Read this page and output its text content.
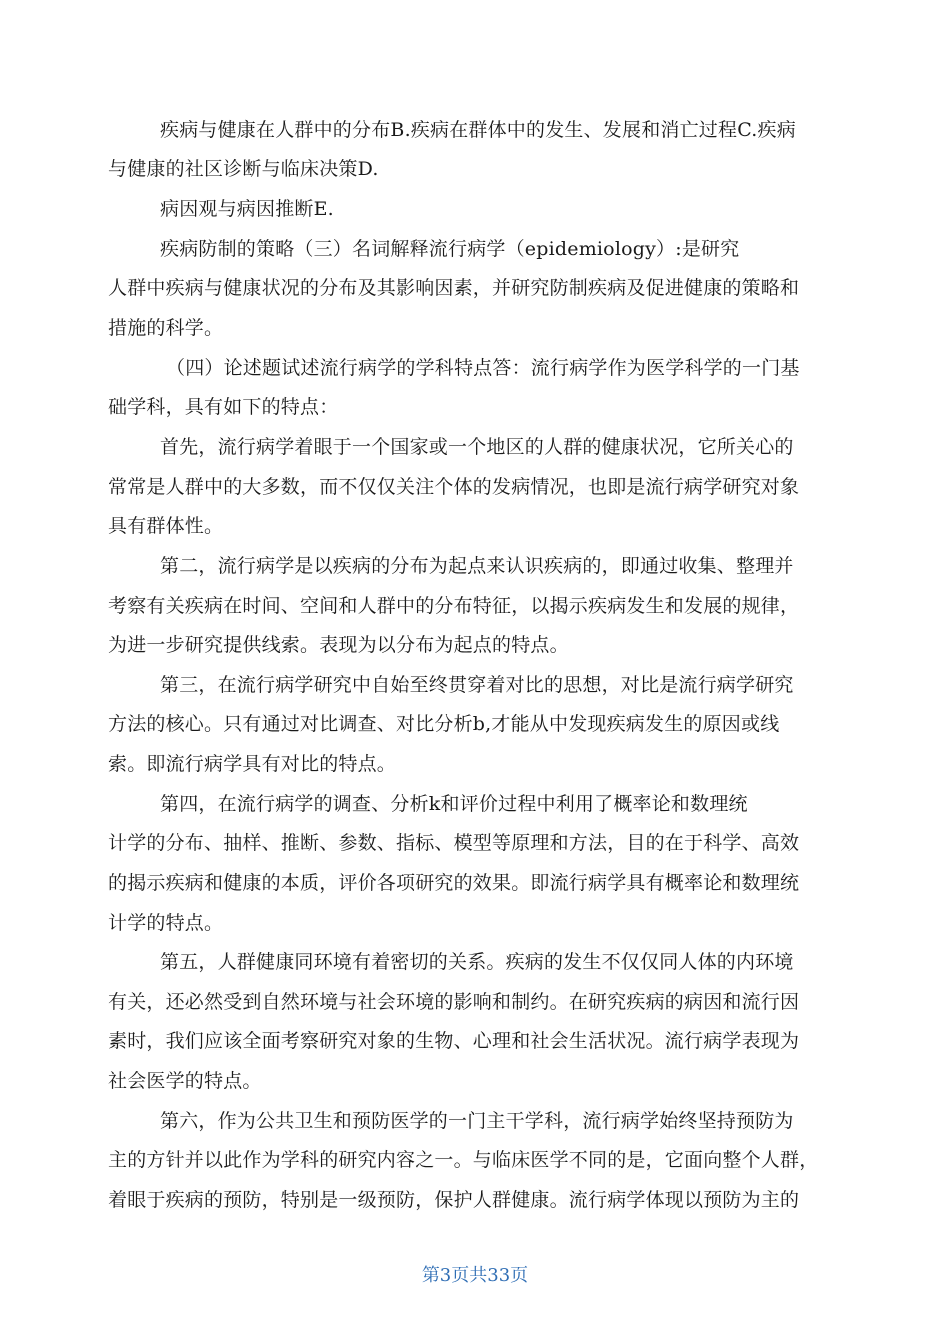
疾病与健康在人群中的分布B.疾病在群体中的发生、发展和消亡过程C.疾病
与健康的社区诊断与临床决策D.
病因观与病因推断E.
疾病防制的策略（三）名词解释流行病学（epidemiology）:是研究
人群中疾病与健康状况的分布及其影响因素，并研究防制疾病及促进健康的策略和
措施的科学。
（四）论述题试述流行病学的学科特点答：流行病学作为医学科学的一门基
础学科，具有如下的特点：
首先，流行病学着眼于一个国家或一个地区的人群的健康状况，它所关心的
常常是人群中的大多数，而不仅仅关注个体的发病情况，也即是流行病学研究对象
具有群体性。
第二，流行病学是以疾病的分布为起点来认识疾病的，即通过收集、整理并
考察有关疾病在时间、空间和人群中的分布特征，以揭示疾病发生和发展的规律，
为进一步研究提供线索。表现为以分布为起点的特点。
第三，在流行病学研究中自始至终贯穿着对比的思想，对比是流行病学研究
方法的核心。只有通过对比调查、对比分析b,才能从中发现疾病发生的原因或线
索。即流行病学具有对比的特点。
第四，在流行病学的调查、分析k和评价过程中利用了概率论和数理统
计学的分布、抽样、推断、参数、指标、模型等原理和方法，目的在于科学、高效
的揭示疾病和健康的本质，评价各项研究的效果。即流行病学具有概率论和数理统
计学的特点。
第五，人群健康同环境有着密切的关系。疾病的发生不仅仅同人体的内环境
有关，还必然受到自然环境与社会环境的影响和制约。在研究疾病的病因和流行因
素时，我们应该全面考察研究对象的生物、心理和社会生活状况。流行病学表现为
社会医学的特点。
第六，作为公共卫生和预防医学的一门主干学科，流行病学始终坚持预防为
主的方针并以此作为学科的研究内容之一。与临床医学不同的是，它面向整个人群，
着眼于疾病的预防，特别是一级预防，保护人群健康。流行病学体现以预防为主的
第3页共33页
